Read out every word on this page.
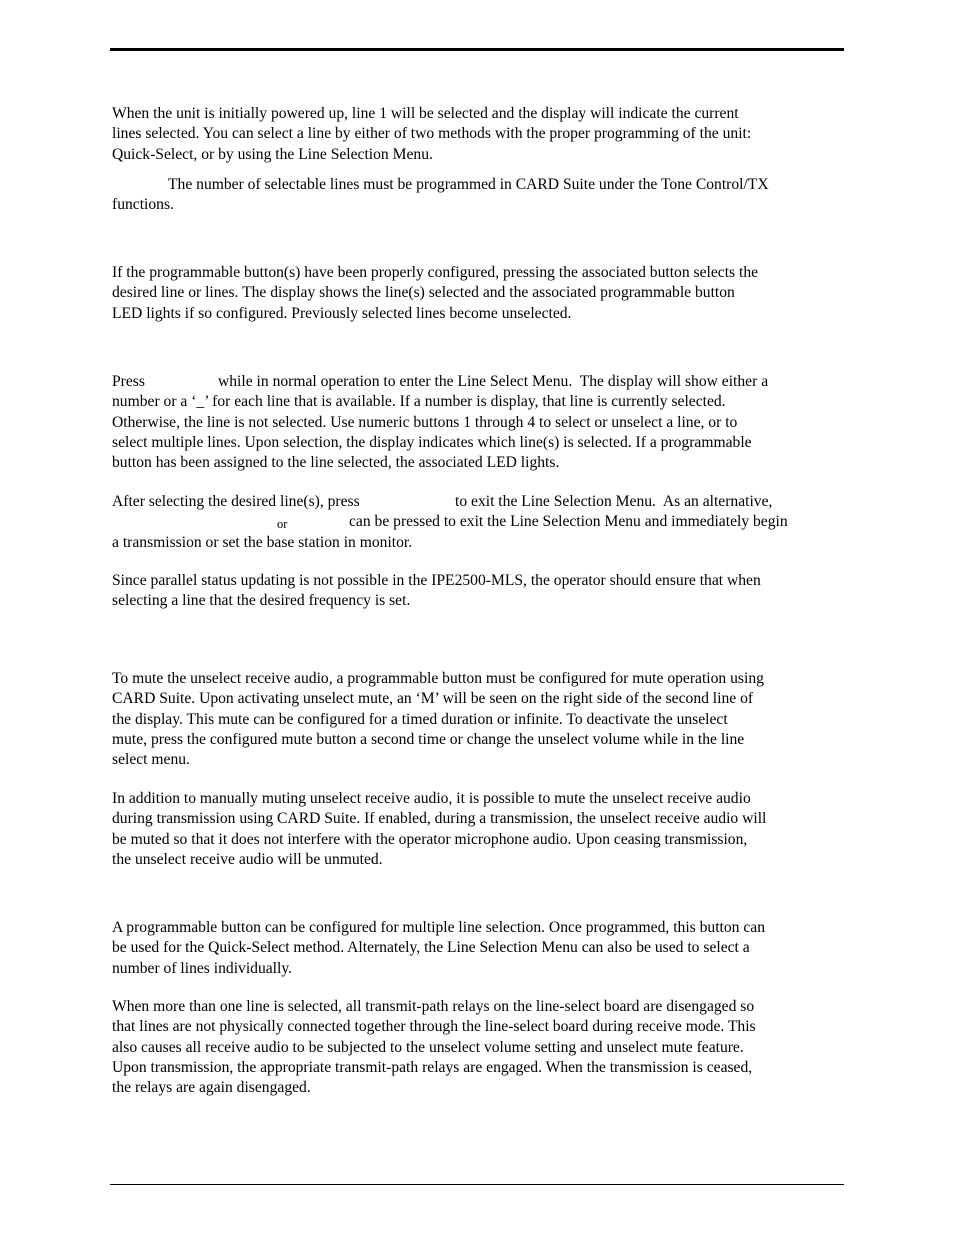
When the unit is initially powered up, line 1 will be selected and the display will indicate the current
lines selected. You can select a line by either of two methods with the proper programming of the unit:
Quick-Select, or by using the Line Selection Menu.
The number of selectable lines must be programmed in CARD Suite under the Tone Control/TX
functions.
If the programmable button(s) have been properly configured, pressing the associated button selects the
desired line or lines. The display shows the line(s) selected and the associated programmable button
LED lights if so configured. Previously selected lines become unselected.
Press	while in normal operation to enter the Line Select Menu.  The display will show either a
number or a ‘_’ for each line that is available. If a number is display, that line is currently selected.
Otherwise, the line is not selected. Use numeric buttons 1 through 4 to select or unselect a line, or to
select multiple lines. Upon selection, the display indicates which line(s) is selected. If a programmable
button has been assigned to the line selected, the associated LED lights.
After selecting the desired line(s), press	to exit the Line Selection Menu.  As an alternative,
or	can be pressed to exit the Line Selection Menu and immediately begin
a transmission or set the base station in monitor.
Since parallel status updating is not possible in the IPE2500-MLS, the operator should ensure that when
selecting a line that the desired frequency is set.
To mute the unselect receive audio, a programmable button must be configured for mute operation using
CARD Suite. Upon activating unselect mute, an ‘M’ will be seen on the right side of the second line of
the display. This mute can be configured for a timed duration or infinite. To deactivate the unselect
mute, press the configured mute button a second time or change the unselect volume while in the line
select menu.
In addition to manually muting unselect receive audio, it is possible to mute the unselect receive audio
during transmission using CARD Suite. If enabled, during a transmission, the unselect receive audio will
be muted so that it does not interfere with the operator microphone audio. Upon ceasing transmission,
the unselect receive audio will be unmuted.
A programmable button can be configured for multiple line selection. Once programmed, this button can
be used for the Quick-Select method. Alternately, the Line Selection Menu can also be used to select a
number of lines individually.
When more than one line is selected, all transmit-path relays on the line-select board are disengaged so
that lines are not physically connected together through the line-select board during receive mode. This
also causes all receive audio to be subjected to the unselect volume setting and unselect mute feature.
Upon transmission, the appropriate transmit-path relays are engaged. When the transmission is ceased,
the relays are again disengaged.
